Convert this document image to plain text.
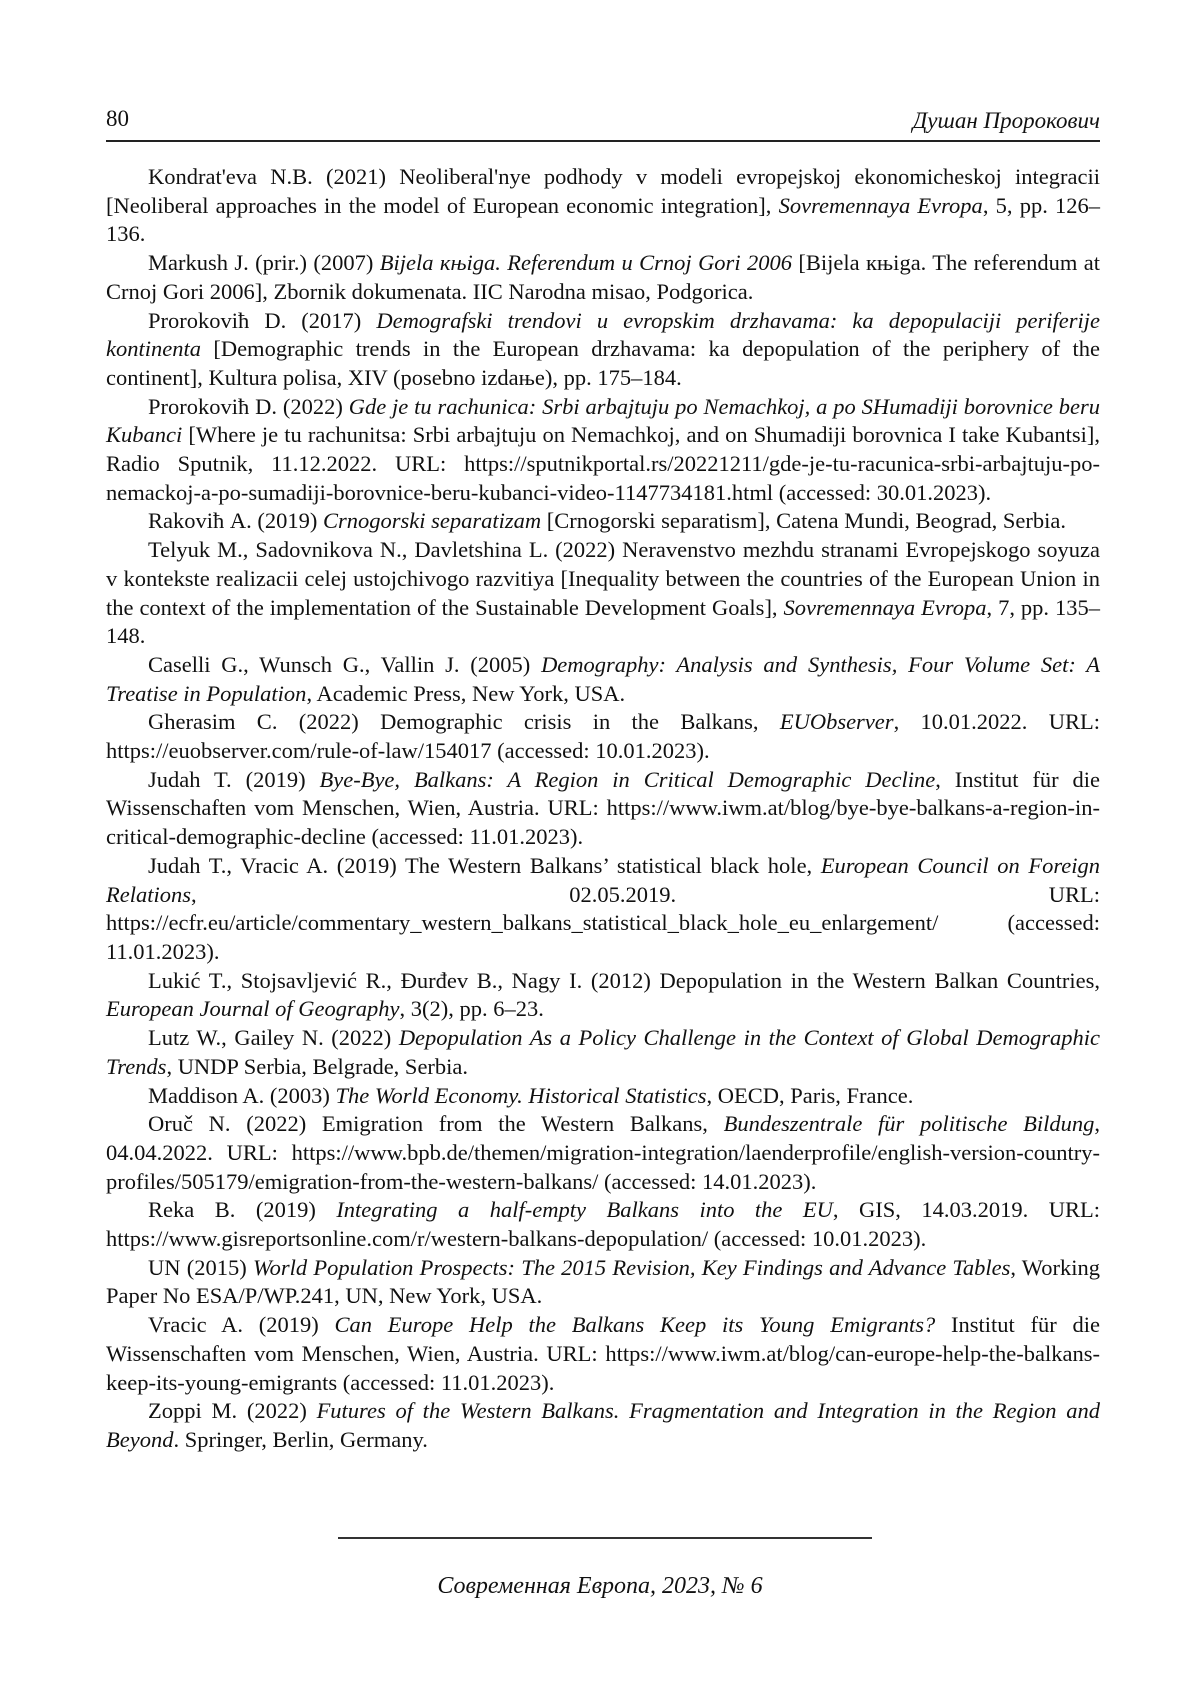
80	Душан Пророкович

Kondrat'eva N.B. (2021) Neoliberal'nye podhody v modeli evropejskoj ekonomicheskoj integracii [Neoliberal approaches in the model of European economic integration], Sovremennaya Evropa, 5, pp. 126–136.

Markush J. (prir.) (2007) Bijela књiga. Referendum u Crnoj Gori 2006 [Bijela књiga. The referendum at Crnoj Gori 2006], Zbornik dokumenata. IIC Narodna misao, Podgorica.

Prorokoviћ D. (2017) Demografski trendovi u evropskim drzhavama: ka depopulaciji periferije kontinenta [Demographic trends in the European drzhavama: ka depopulation of the periphery of the continent], Kultura polisa, XIV (posebno izdaњe), pp. 175–184.

Prorokoviћ D. (2022) Gde je tu rachunica: Srbi arbajtuju po Nemachkoj, a po SHumadiji borovnice beru Kubanci [Where je tu rachunitsa: Srbi arbajtuju on Nemachkoj, and on Shumadiji borovnica I take Kubantsi], Radio Sputnik, 11.12.2022. URL: https://sputnikportal.rs/20221211/gde-je-tu-racunica-srbi-arbajtuju-po-nemackoj-a-po-sumadiji-borovnice-beru-kubanci-video-1147734181.html (accessed: 30.01.2023).

Rakoviћ A. (2019) Crnogorski separatizam [Crnogorski separatism], Catena Mundi, Beograd, Serbia.

Telyuk M., Sadovnikova N., Davletshina L. (2022) Neravenstvo mezhdu stranami Evropejskogo soyuza v kontekste realizacii celej ustojchivogo razvitiya [Inequality between the countries of the European Union in the context of the implementation of the Sustainable Development Goals], Sovremennaya Evropa, 7, pp. 135–148.

Caselli G., Wunsch G., Vallin J. (2005) Demography: Analysis and Synthesis, Four Volume Set: A Treatise in Population, Academic Press, New York, USA.

Gherasim C. (2022) Demographic crisis in the Balkans, EUObserver, 10.01.2022. URL: https://euobserver.com/rule-of-law/154017 (accessed: 10.01.2023).

Judah T. (2019) Bye-Bye, Balkans: A Region in Critical Demographic Decline, Institut für die Wissenschaften vom Menschen, Wien, Austria. URL: https://www.iwm.at/blog/bye-bye-balkans-a-region-in-critical-demographic-decline (accessed: 11.01.2023).

Judah T., Vracic A. (2019) The Western Balkans’ statistical black hole, European Council on Foreign Relations, 02.05.2019. URL: https://ecfr.eu/article/commentary_western_balkans_statistical_black_hole_eu_enlargement/ (accessed: 11.01.2023).

Lukić T., Stojsavljević R., Đurđev B., Nagy I. (2012) Depopulation in the Western Balkan Countries, European Journal of Geography, 3(2), pp. 6–23.

Lutz W., Gailey N. (2022) Depopulation As a Policy Challenge in the Context of Global Demographic Trends, UNDP Serbia, Belgrade, Serbia.

Maddison A. (2003) The World Economy. Historical Statistics, OECD, Paris, France.

Oruč N. (2022) Emigration from the Western Balkans, Bundeszentrale für politische Bildung, 04.04.2022. URL: https://www.bpb.de/themen/migration-integration/laenderprofile/english-version-country-profiles/505179/emigration-from-the-western-balkans/ (accessed: 14.01.2023).

Reka B. (2019) Integrating a half-empty Balkans into the EU, GIS, 14.03.2019. URL: https://www.gisreportsonline.com/r/western-balkans-depopulation/ (accessed: 10.01.2023).

UN (2015) World Population Prospects: The 2015 Revision, Key Findings and Advance Tables, Working Paper No ESA/P/WP.241, UN, New York, USA.

Vracic A. (2019) Can Europe Help the Balkans Keep its Young Emigrants? Institut für die Wissenschaften vom Menschen, Wien, Austria. URL: https://www.iwm.at/blog/can-europe-help-the-balkans-keep-its-young-emigrants (accessed: 11.01.2023).

Zoppi M. (2022) Futures of the Western Balkans. Fragmentation and Integration in the Region and Beyond. Springer, Berlin, Germany.

Современная Европа, 2023, № 6
